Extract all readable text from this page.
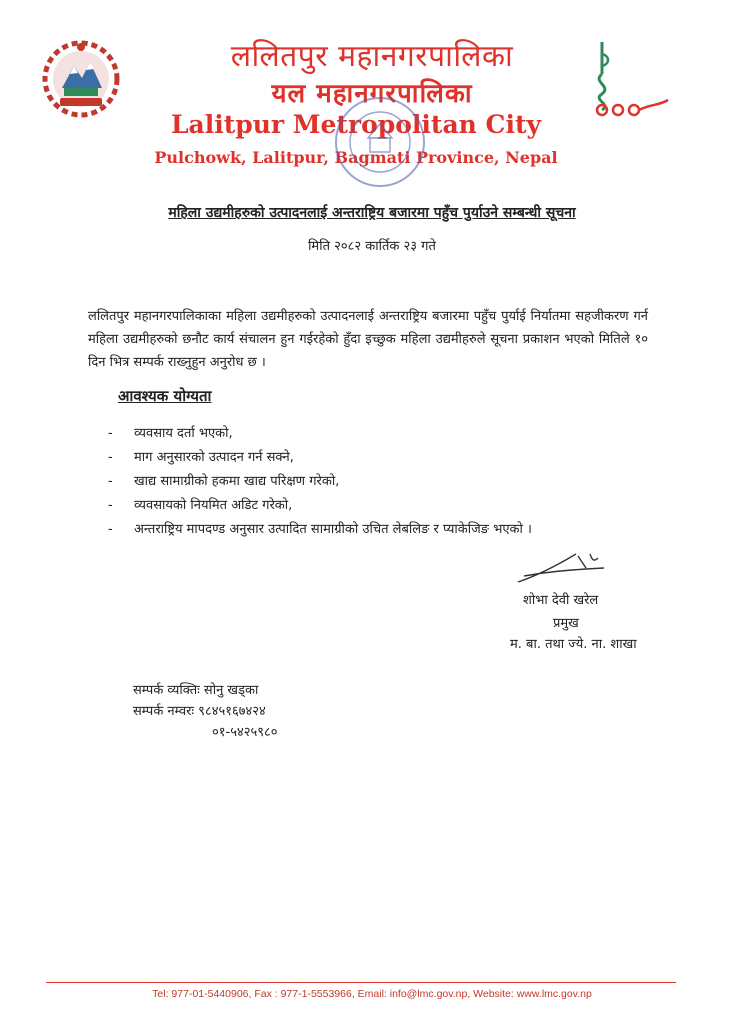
ललितपुर महानगरपालिका
यल महानगरपालिका
Lalitpur Metropolitan City
Pulchowk, Lalitpur, Bagmati Province, Nepal
महिला उद्यमीहरुको उत्पादनलाई अन्तराष्ट्रिय बजारमा पहुँच पुर्याउने सम्बन्धी सूचना
मिति २०८२ कार्तिक २३ गते
ललितपुर महानगरपालिकाका महिला उद्यमीहरुको उत्पादनलाई अन्तराष्ट्रिय बजारमा पहुँच पुर्याई निर्यातमा सहजीकरण गर्न महिला उद्यमीहरुको छनौट कार्य संचालन हुन गईरहेको हुँदा इच्छुक महिला उद्यमीहरुले सूचना प्रकाशन भएको मितिले १० दिन भित्र सम्पर्क राख्नुहुन अनुरोध छ ।
आवश्यक योग्यता
- व्यवसाय दर्ता भएको,
- माग अनुसारको उत्पादन गर्न सक्ने,
- खाद्य सामाग्रीको हकमा खाद्य परिक्षण गरेको,
- व्यवसायको नियमित अडिट गरेको,
- अन्तराष्ट्रिय मापदण्ड अनुसार उत्पादित सामाग्रीको उचित लेबलिङ र प्याकेजिङ भएको ।
शोभा देवी खरेल
प्रमुख
म. बा. तथा ज्ये. ना. शाखा
सम्पर्क व्यक्तिः सोनु खड्का
सम्पर्क नम्वरः ९८४५१६७४२४
०१-५४२५९८०
Tel: 977-01-5440906, Fax : 977-1-5553966, Email: info@lmc.gov.np, Website: www.lmc.gov.np
